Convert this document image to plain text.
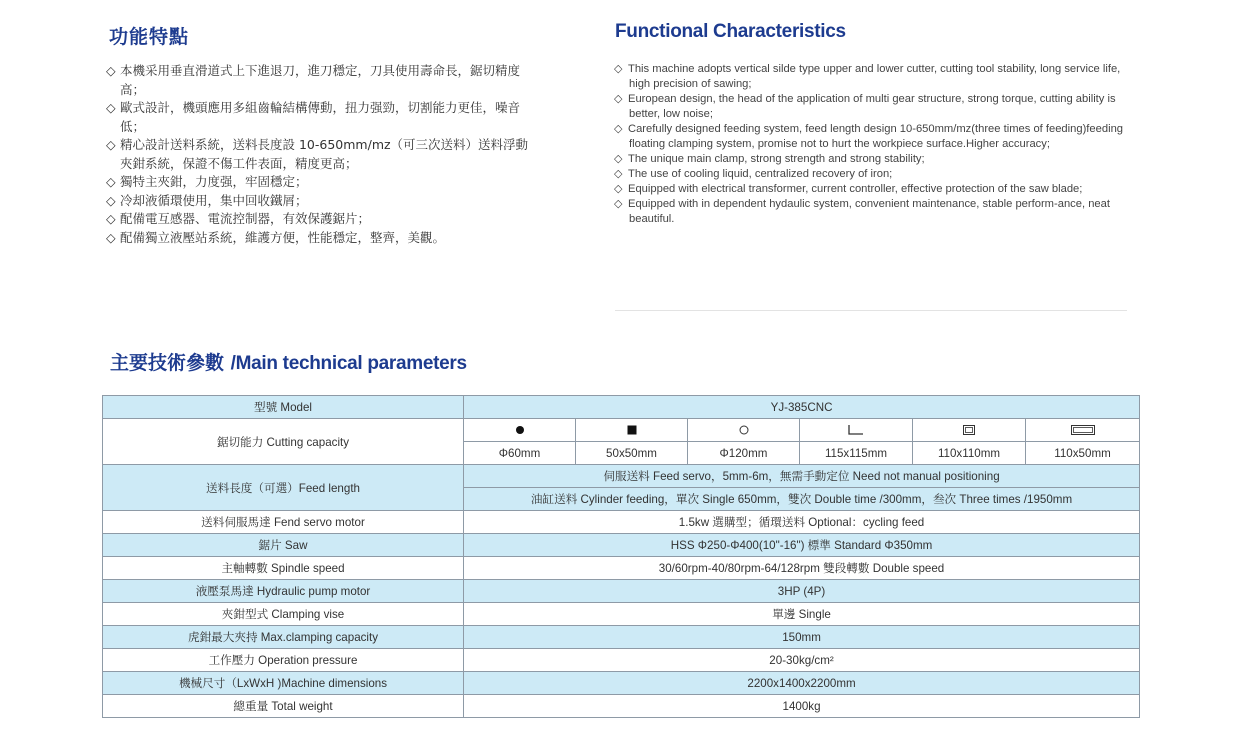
功能特點
◇ 本機采用垂直滑道式上下進退刀，進刀穩定，刀具使用壽命長，鋸切精度高；
◇ 歐式設計，機頭應用多組齒輪結構傳動，扭力强勁，切割能力更佳，噪音低；
◇ 精心設計送料系統，送料長度設 10-650mm/mz（可三次送料）送料浮動夾鉗系統，保證不傷工件表面，精度更高；
◇ 獨特主夾鉗，力度强，牢固穩定；
◇ 冷却液循環使用，集中回收鐵屑；
◇ 配備電互感器、電流控制器，有效保護鋸片；
◇ 配備獨立液壓站系統，維護方便，性能穩定，整齊，美觀。
Functional Characteristics
◇ This machine adopts vertical silde type upper and lower cutter, cutting tool stability, long service life, high precision of sawing;
◇ European design, the head of the application of multi gear structure, strong torque, cutting ability is better, low noise;
◇ Carefully designed feeding system, feed length design 10-650mm/mz(three times of feeding)feeding floating clamping system, promise not to hurt the workpiece surface.Higher accuracy;
◇ The unique main clamp, strong strength and strong stability;
◇ The use of cooling liquid, centralized recovery of iron;
◇ Equipped with electrical transformer, current controller, effective protection of the saw blade;
◇ Equipped with in dependent hydaulic system, convenient maintenance, stable perform-ance, neat beautiful.
主要技術參數 /Main technical parameters
型號 Model	YJ-385CNC					
鋸切能力 Cutting capacity						
	Φ60mm	50x50mm	Φ120mm	115x115mm	110x110mm	110x50mm
送料長度（可選）Feed length	伺服送料 Feed servo，5mm-6m，無需手動定位 Need not manual positioning					
	油缸送料 Cylinder feeding，單次 Single 650mm，雙次 Double time /300mm，叁次 Three times /1950mm					
送料伺服馬達 Fend servo motor	1.5kw 選購型；循環送料 Optional：cycling feed					
鋸片 Saw	HSS Φ250-Φ400(10"-16") 標準 Standard Φ350mm					
主軸轉數 Spindle speed	30/60rpm-40/80rpm-64/128rpm 雙段轉數 Double speed					
液壓泵馬達 Hydraulic pump motor	3HP (4P)					
夾鉗型式 Clamping vise	單邊 Single					
虎鉗最大夾持 Max.clamping capacity	150mm					
工作壓力 Operation pressure	20-30kg/cm²					
機械尺寸（LxWxH )Machine dimensions	2200x1400x2200mm					
總重量 Total weight	1400kg					
